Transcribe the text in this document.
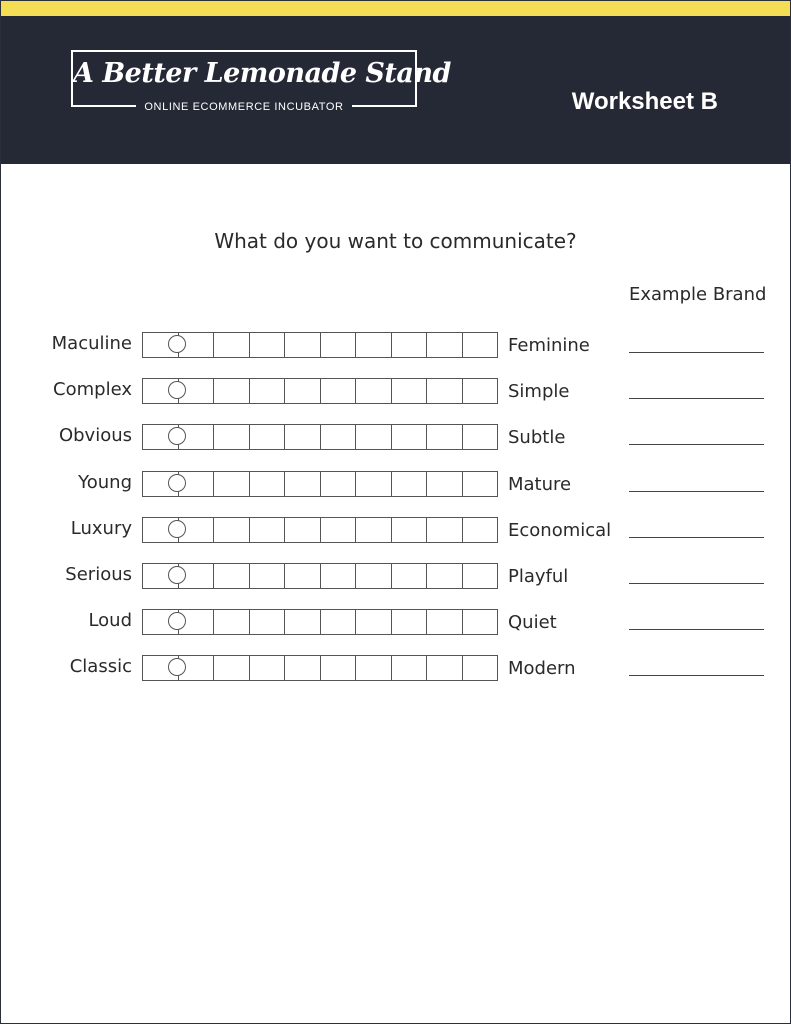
A Better Lemonade Stand
ONLINE ECOMMERCE INCUBATOR	Worksheet B
What do you want to communicate?
Example Brand
Maculine	Feminine
Complex	Simple
Obvious	Subtle
Young	Mature
Luxury	Economical
Serious	Playful
Loud	Quiet
Classic	Modern
